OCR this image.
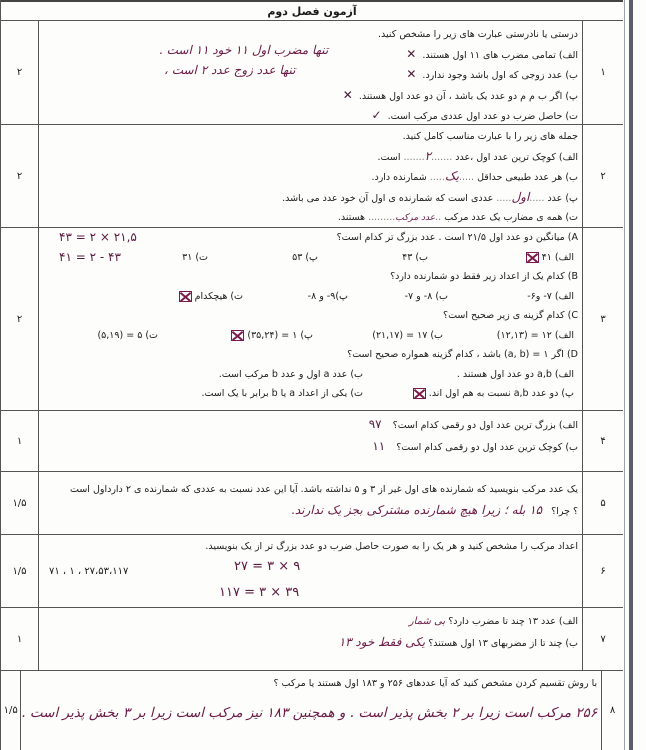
آزمون فصل دوم
۱
درستی یا نادرستی عبارت های زیر را مشخص کنید.
الف) تمامی مضرب های ۱۱ اول هستند. ✕
تنها مضرب اول ۱۱ خود ۱۱ است .
ب) عدد زوجی که اول باشد وجود ندارد. ✕
تنها عدد زوج عدد ۲ است ،
پ) اگر ب م م دو عدد یک باشد ، آن دو عدد اول هستند. ✕
ت) حاصل ضرب دو عدد اول عددی مرکب است. ✓
۲
۲
جمله های زیر را با عبارت مناسب کامل کنید.
الف) کوچک ترین عدد اول ،عدد .......۲....... است.
ب) هر عدد طبیعی حداقل .....یک..... شمارنده دارد.
پ) عدد .....اول..... عددی است که شمارنده ی اول آن خود عدد می باشد.
ت) همه ی مضارب یک عدد مرکب ..عدد مرکب......... هستند.
۲
۳
A) میانگین دو عدد اول ۲۱/۵ است . عدد بزرگ تر کدام است؟
۲۱,۵ × ۲ = ۴۳
الف) ۴۱
ب) ۴۳
پ) ۵۳
ت) ۳۱
۴۳ - ۲ = ۴۱
B) کدام یک از اعداد زیر فقط دو شمارنده دارد؟
الف) ۷- و۶-
ب) ۸- و ۷-
پ)۹- و ۸-
ت) هیچکدام
C) کدام گزینه ی زیر صحیح است؟
الف) ۱۲ = (۱۲,۱۳)
ب) ۱۷ = (۲۱,۱۷)
پ) ۱ = (۳۵,۲۴)
ت) ۵ = (۵,۱۹)
D) اگر ۱ = (a, b) باشد ، کدام گزینه همواره صحیح است؟
الف) a,b دو عدد اول هستند .
ب) عدد a اول و عدد b مرکب است.
پ) دو عدد a,b نسبت به هم اول اند.
ت) یکی از اعداد a یا b برابر با یک است.
۲
۴
الف) بزرگ ترین عدد اول دو رقمی کدام است؟ ۹۷
ب) کوچک ترین عدد اول دو رقمی کدام است؟ ۱۱
۱
۵
یک عدد مرکب بنویسید که شمارنده های اول غیر از ۳ و ۵ نداشته باشد. آیا این عدد نسبت به عددی که شمارنده ی ۲ دارداول است
؟ چرا؟ ۱۵ بله ؛ زیرا هیچ شمارنده مشترکی بجز یک ندارند.
۱/۵
۶
اعداد مرکب را مشخص کنید و هر یک را به صورت حاصل ضرب دو عدد بزرگ تر از یک بنویسید.
۲۷،۵۳،۱۱۷ ، ۱ ، ۷۱	۲۷ = ۳ × ۹
۱۱۷ = ۳ × ۳۹
۱/۵
۷
الف) عدد ۱۳ چند تا مضرب دارد؟ بی شمار
ب) چند تا از مضربهای ۱۳ اول هستند؟ یکی فقط خود ۱۳
۱
۸
با روش تقسیم کردن مشخص کنید که آیا عددهای ۲۵۶ و ۱۸۳ اول هستند یا مرکب ؟
۲۵۶ مرکب است زیرا بر ۲ بخش پذیر است . و همچنین ۱۸۳ نیز مرکب است زیرا بر ۳ بخش پذیر است .
۱/۵
